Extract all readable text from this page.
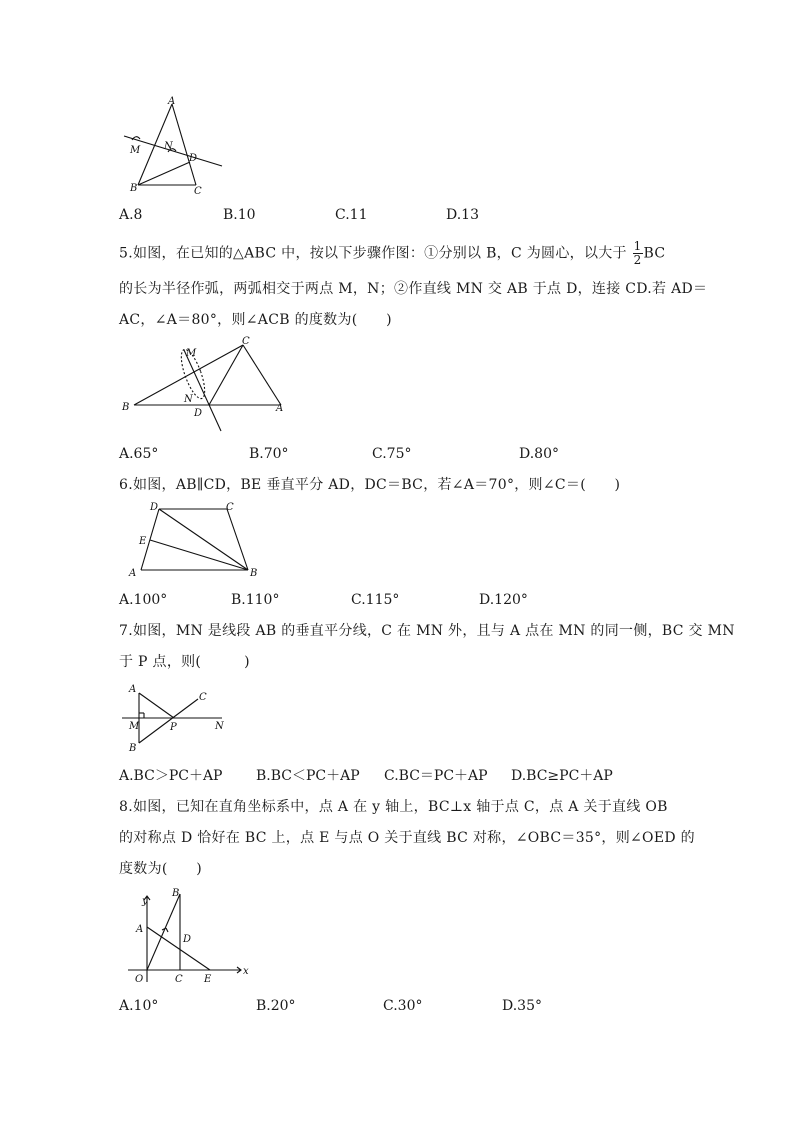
A
B	C
D
M N
A.8	B.10	C.11	D.13
5.如图，在已知的△ABC 中，按以下步骤作图：①分别以 B，C 为圆心，以大于 $\frac{1}{2}$ BC
的长为半径作弧，两弧相交于两点 M，N；②作直线 MN 交 AB 于点 D，连接 CD.若 AD＝
AC，∠A＝80°，则∠ACB 的度数为(　　)
C
B	A
D
M
N
A.65°	B.70°	C.75°	D.80°
6.如图，AB∥CD，BE 垂直平分 AD，DC＝BC，若∠A＝70°，则∠C＝(　　)
D	C
E
A	B
A.100°	B.110°	C.115°	D.120°
7.如图，MN 是线段 AB 的垂直平分线，C 在 MN 外，且与 A 点在 MN 的同一侧，BC 交 MN
于 P 点，则(　　　)
A
M
B
P
C
N
A.BC＞PC＋AP B.BC＜PC＋AP C.BC＝PC＋AP D.BC≥PC＋AP
8.如图，已知在直角坐标系中，点 A 在 y 轴上，BC⊥x 轴于点 C，点 A 关于直线 OB
的对称点 D 恰好在 BC 上，点 E 与点 O 关于直线 BC 对称，∠OBC＝35°，则∠OED 的
度数为(　　)
y
x
B
A
D
O	C E
A.10°	B.20°	C.30°	D.35°
